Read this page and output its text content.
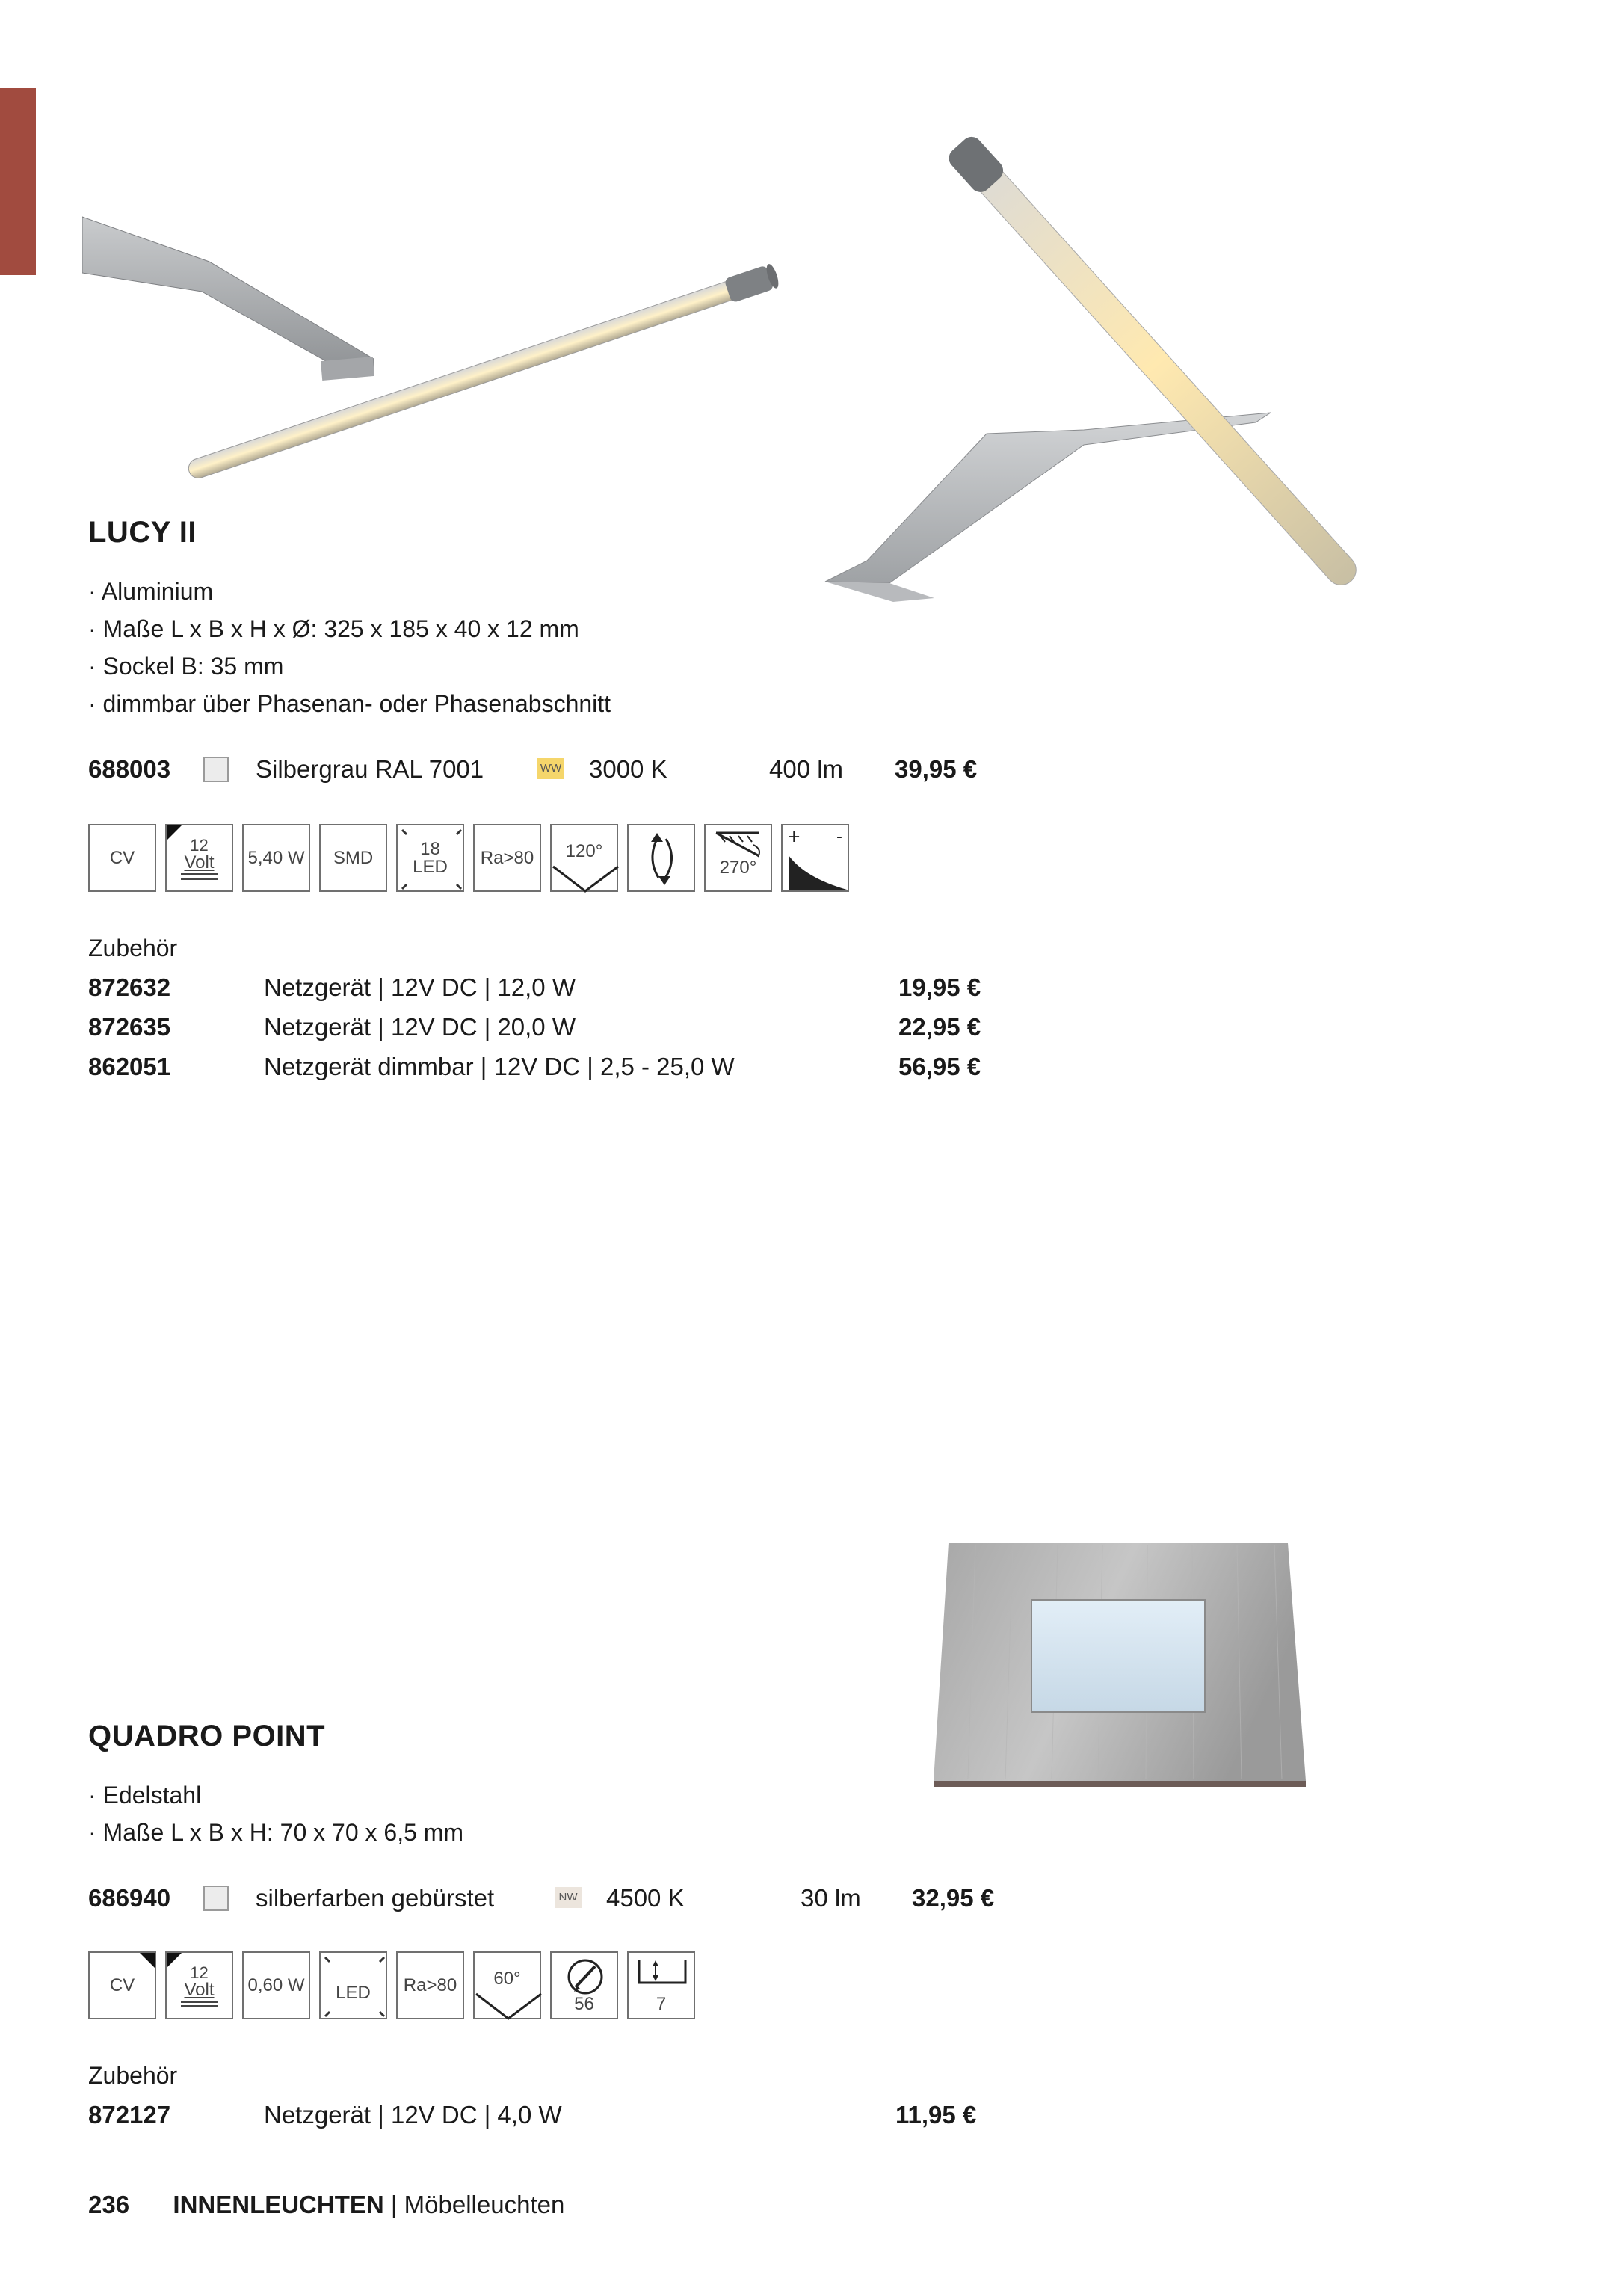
LUCY II
· Aluminium
· Maße L x B x H x Ø: 325 x 185 x 40 x 12 mm
· Sockel B: 35 mm
· dimmbar über Phasenan- oder Phasenabschnitt
688003	Silbergrau RAL 7001	WW 3000 K	400 lm 39,95 €
CV
12
Volt 5,40 W SMD	18
LED Ra>80 120°
270°
+ -
Zubehör
872632	Netzgerät | 12V DC | 12,0 W	19,95 €
872635	Netzgerät | 12V DC | 20,0 W	22,95 €
862051	Netzgerät dimmbar | 12V DC | 2,5 - 25,0 W	56,95 €
QUADRO POINT
· Edelstahl
· Maße L x B x H: 70 x 70 x 6,5 mm
686940	silberfarben gebürstet	NW 4500 K	30 lm 32,95 €
CV
12
Volt 0,60 W LED Ra>80 60°
56	7
Zubehör
872127	Netzgerät | 12V DC | 4,0 W	11,95 €
236 INNENLEUCHTEN | Möbelleuchten
